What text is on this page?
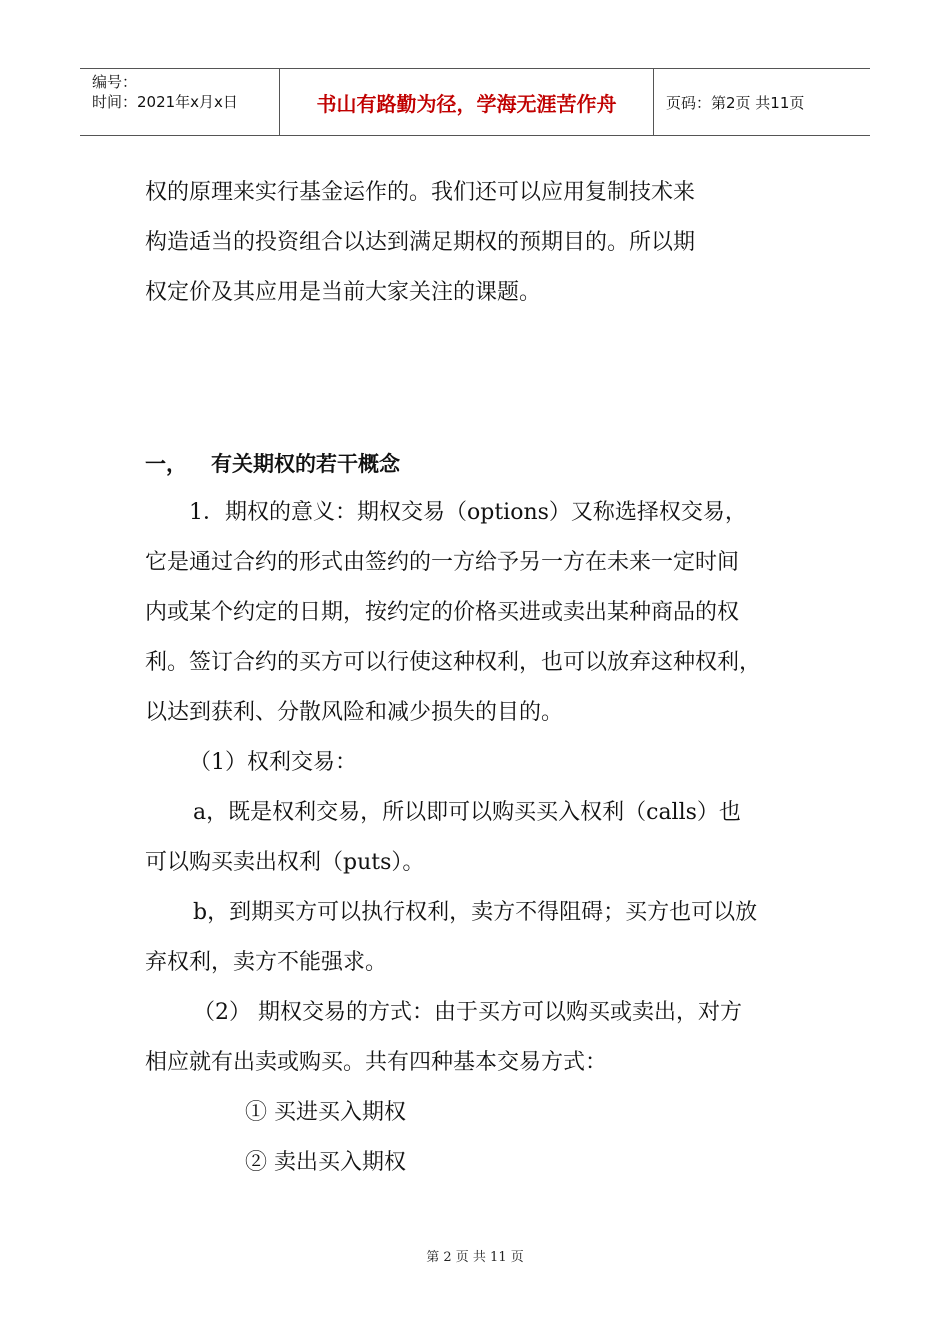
编号：
时间：2021年x月x日	书山有路勤为径，学海无涯苦作舟	页码：第2页 共11页

权的原理来实行基金运作的。我们还可以应用复制技术来

构造适当的投资组合以达到满足期权的预期目的。所以期

权定价及其应用是当前大家关注的课题。

一， 有关期权的若干概念

1．期权的意义：期权交易（options）又称选择权交易，

它是通过合约的形式由签约的一方给予另一方在未来一定时间

内或某个约定的日期，按约定的价格买进或卖出某种商品的权

利。签订合约的买方可以行使这种权利，也可以放弃这种权利，

以达到获利、分散风险和减少损失的目的。

（1）权利交易：

a，既是权利交易，所以即可以购买买入权利（calls）也

可以购买卖出权利（puts）。

b，到期买方可以执行权利，卖方不得阻碍；买方也可以放

弃权利，卖方不能强求。

（2） 期权交易的方式：由于买方可以购买或卖出，对方

相应就有出卖或购买。共有四种基本交易方式：

① 买进买入期权

② 卖出买入期权

第 2 页 共 11 页
